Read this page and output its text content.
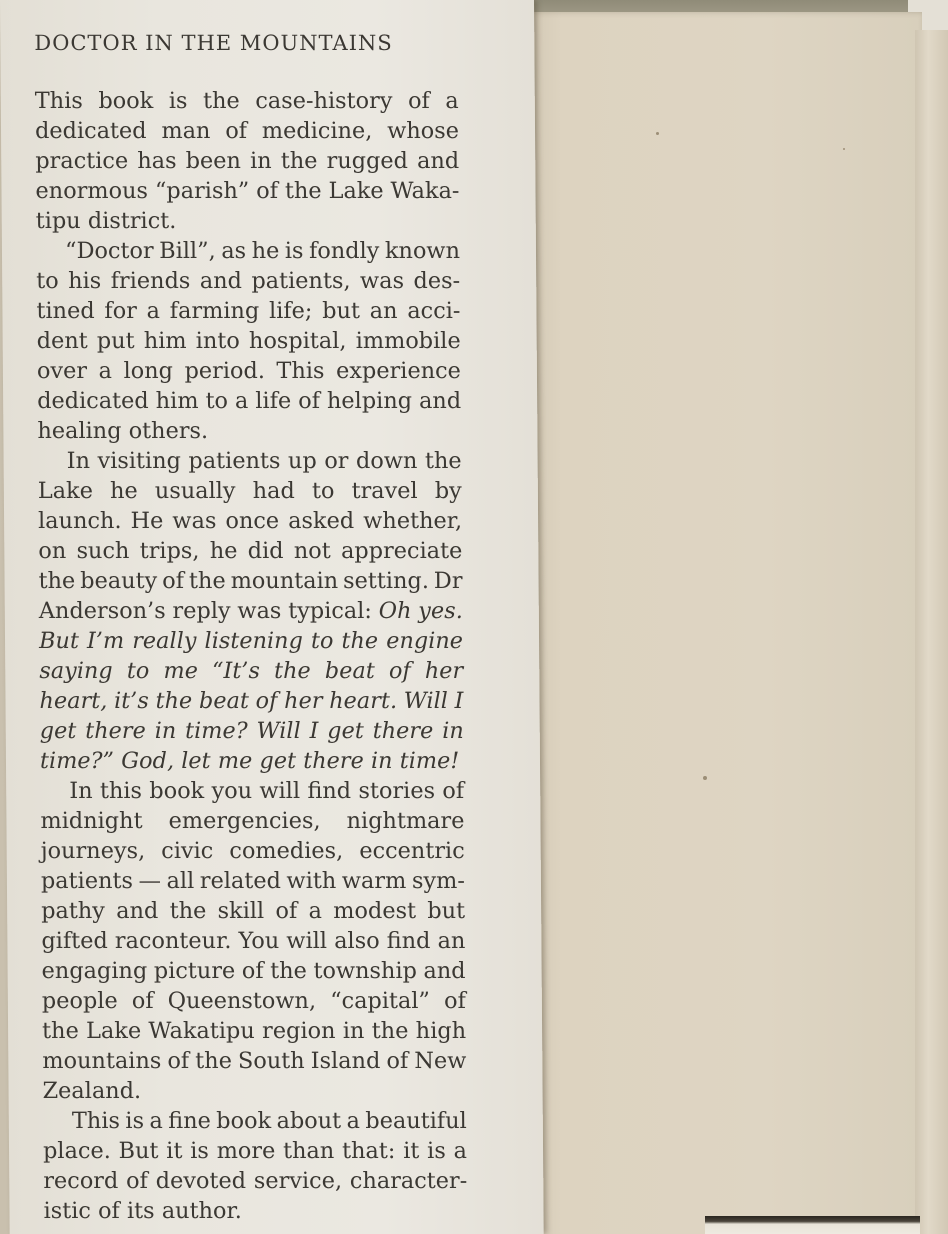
DOCTOR IN THE MOUNTAINS
This book is the case-history of a
dedicated man of medicine, whose
practice has been in the rugged and
enormous “parish” of the Lake Waka-
tipu district.
“Doctor Bill”, as he is fondly known
to his friends and patients, was des-
tined for a farming life; but an acci-
dent put him into hospital, immobile
over a long period. This experience
dedicated him to a life of helping and
healing others.
In visiting patients up or down the
Lake he usually had to travel by
launch. He was once asked whether,
on such trips, he did not appreciate
the beauty of the mountain setting. Dr
Anderson’s reply was typical: Oh yes.
But I’m really listening to the engine
saying to me “It’s the beat of her
heart, it’s the beat of her heart. Will I
get there in time? Will I get there in
time?” God, let me get there in time!
In this book you will find stories of
midnight emergencies, nightmare
journeys, civic comedies, eccentric
patients — all related with warm sym-
pathy and the skill of a modest but
gifted raconteur. You will also find an
engaging picture of the township and
people of Queenstown, “capital” of
the Lake Wakatipu region in the high
mountains of the South Island of New
Zealand.
This is a fine book about a beautiful
place. But it is more than that: it is a
record of devoted service, character-
istic of its author.
